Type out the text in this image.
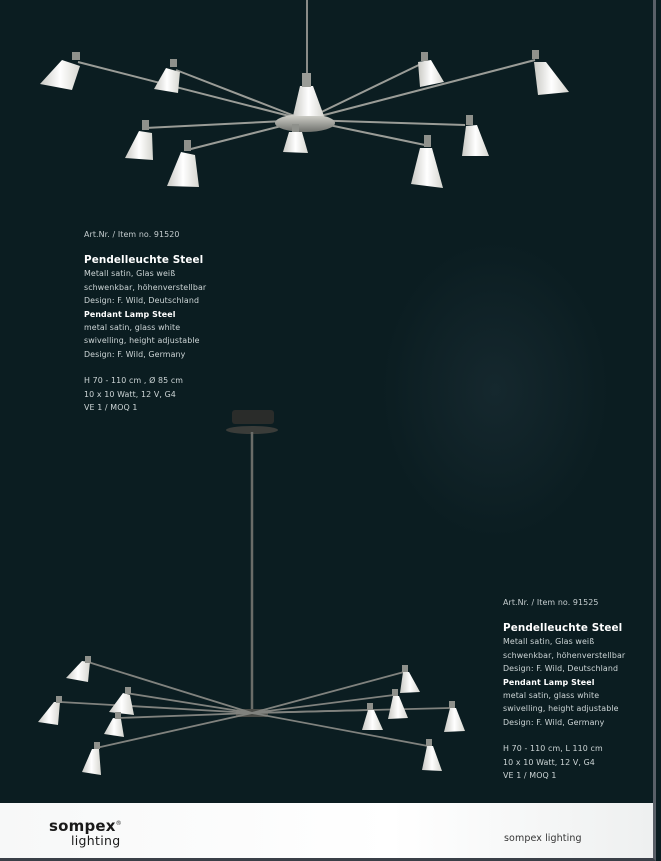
Art.Nr. / Item no. 91520
Pendelleuchte Steel
Metall satin, Glas weiß
schwenkbar, höhenverstellbar
Design: F. Wild, Deutschland
Pendant Lamp Steel
metal satin, glass white
swivelling, height adjustable
Design: F. Wild, Germany
H 70 - 110 cm , Ø 85 cm
10 x 10 Watt, 12 V, G4
VE 1 / MOQ 1
Art.Nr. / Item no. 91525
Pendelleuchte Steel
Metall satin, Glas weiß
schwenkbar, höhenverstellbar
Design: F. Wild, Deutschland
Pendant Lamp Steel
metal satin, glass white
swivelling, height adjustable
Design: F. Wild, Germany
H 70 - 110 cm, L 110 cm
10 x 10 Watt, 12 V, G4
VE 1 / MOQ 1
sompex®
lighting	sompex lighting
